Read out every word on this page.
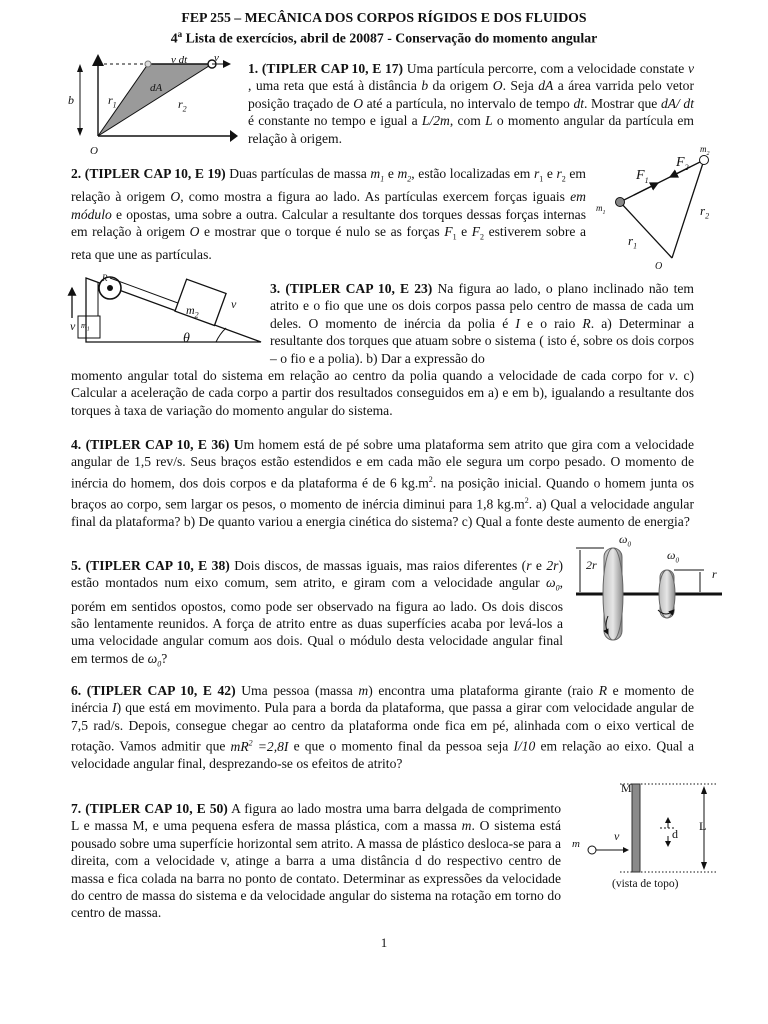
FEP 255 – MECÂNICA DOS CORPOS RÍGIDOS E DOS FLUIDOS
4$^a$ Lista de exercícios, abril de 20087 - Conservação do momento angular
v dt v
b
dA
$r_1$	$r_2$
O
1. (TIPLER CAP 10, E 17) Uma partícula percorre, com a velocidade constate v , uma reta que está à distância b da origem O. Seja dA a área varrida pelo vetor posição traçado de O até a partícula, no intervalo de tempo dt. Mostrar que dA/ dt é constante no tempo e igual a L/2m, com L o momento angular da partícula em relação à origem.
2. (TIPLER CAP 10, E 19) Duas partículas de massa $m_1$ e $m_2$, estão localizadas em $r_1$ e $r_2$ em relação à origem O, como mostra a figura ao lado. As partículas exercem forças iguais em módulo e opostas, uma sobre a outra. Calcular a resultante dos torques dessas forças internas em relação à origem O e mostrar que o torque é nulo se as forças $F_1$ e $F_2$ estiverem sobre a reta que une as partículas.
$F_1$
$F_2$
$m_1$
$m_2$
$r_1$
$r_2$
O
R
$m_1$
$m_2$
v
v
θ
3. (TIPLER CAP 10, E 23) Na figura ao lado, o plano inclinado não tem atrito e o fio que une os dois corpos passa pelo centro de massa de cada um deles. O momento de inércia da polia é I e o raio R. a) Determinar a resultante dos torques que atuam sobre o sistema ( isto é, sobre os dois corpos – o fio e a polia). b) Dar a expressão do
momento angular total do sistema em relação ao centro da polia quando a velocidade de cada corpo for v. c) Calcular a aceleração de cada corpo a partir dos resultados conseguidos em a) e em b), igualando a resultante dos torques à taxa de variação do momento angular do sistema.
4. (TIPLER CAP 10, E 36) Um homem está de pé sobre uma plataforma sem atrito que gira com a velocidade angular de 1,5 rev/s. Seus braços estão estendidos e em cada mão ele segura um corpo pesado. O momento de inércia do homem, dos dois corpos e da plataforma é de 6 $kg.m^2$. na posição inicial. Quando o homem junta os braços ao corpo, sem largar os pesos, o momento de inércia diminui para 1,8 $kg.m^2$. a) Qual a velocidade angular final da plataforma? b) De quanto variou a energia cinética do sistema? c) Qual a fonte deste aumento de energia?
5. (TIPLER CAP 10, E 38) Dois discos, de massas iguais, mas raios diferentes (r e 2r) estão montados num eixo comum, sem atrito, e giram com a velocidade angular $\omega_0$, porém em sentidos opostos, como pode ser observado na figura ao lado. Os dois discos são lentamente reunidos. A força de atrito entre as duas superfícies acaba por levá-los a uma velocidade angular comum aos dois. Qual o módulo desta velocidade angular final em termos de $\omega_0$?
$\omega_0$
$\omega_0$
2r
r
6. (TIPLER CAP 10, E 42) Uma pessoa (massa m) encontra uma plataforma girante (raio R e momento de inércia I) que está em movimento. Pula para a borda da plataforma, que passa a girar com velocidade angular de 7,5 rad/s. Depois, consegue chegar ao centro da plataforma onde fica em pé, alinhada com o eixo vertical de rotação. Vamos admitir que $mR^2 =2,8I$ e que o momento final da pessoa seja I/10 em relação ao eixo. Qual a velocidade angular final, desprezando-se os efeitos de atrito?
7. (TIPLER CAP 10, E 50) A figura ao lado mostra uma barra delgada de comprimento L e massa M, e uma pequena esfera de massa plástica, com a massa m. O sistema está pousado sobre uma superfície horizontal sem atrito. A massa de plástico desloca-se para a direita, com a velocidade v, atinge a barra a uma distância d do respectivo centro de massa e fica colada na barra no ponto de contato. Determinar as expressões da velocidade do centro de massa do sistema e da velocidade angular do sistema na rotação em torno do centro de massa.
M
L
d
m
v
(vista de topo)
1
